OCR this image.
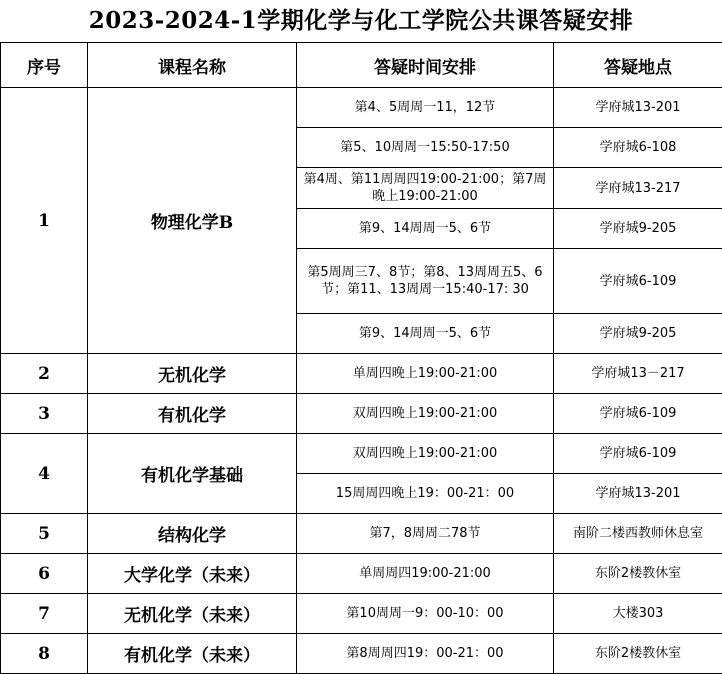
2023-2024-1学期化学与化工学院公共课答疑安排
序号	课程名称	答疑时间安排	答疑地点
1	物理化学B	第4、5周周一11，12节	学府城13-201
		第5、10周周一15:50-17:50	学府城6-108
		第4周、第11周周四19:00-21:00；第7周晚上19:00-21:00	学府城13-217
		第9、14周周一5、6节	学府城9-205
		第5周周三7、8节；第8、13周周五5、6节；第11、13周周一15:40-17: 30	学府城6-109
		第9、14周周一5、6节	学府城9-205
2	无机化学	单周四晚上19:00-21:00	学府城13－217
3	有机化学	双周四晚上19:00-21:00	学府城6-109
4	有机化学基础	双周四晚上19:00-21:00	学府城6-109
		15周周四晚上19：00-21：00	学府城13-201
5	结构化学	第7，8周周二78节	南阶二楼西教师休息室
6	大学化学（未来）	单周周四19:00-21:00	东阶2楼教休室
7	无机化学（未来）	第10周周一9：00-10：00	大楼303
8	有机化学（未来）	第8周周四19：00-21：00	东阶2楼教休室
